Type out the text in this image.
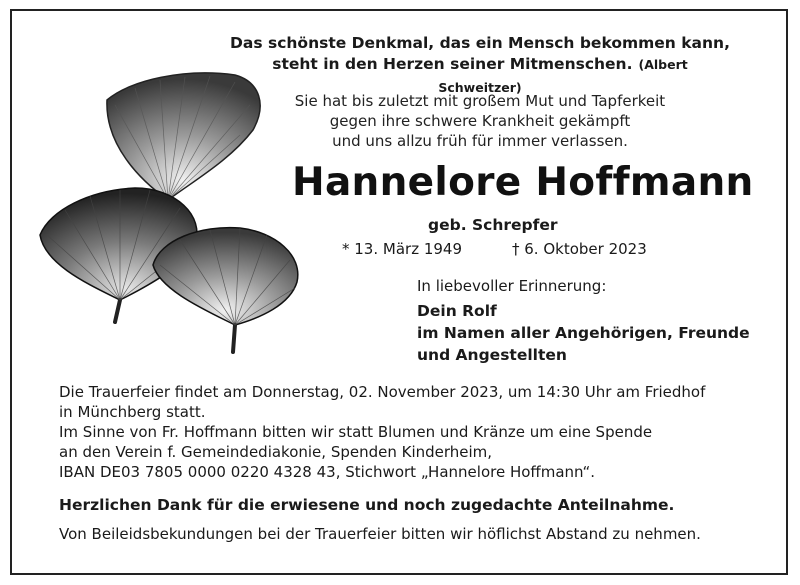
Das schönste Denkmal, das ein Mensch bekommen kann,
steht in den Herzen seiner Mitmenschen. (Albert Schweitzer)
Sie hat bis zuletzt mit großem Mut und Tapferkeit
gegen ihre schwere Krankheit gekämpft
und uns allzu früh für immer verlassen.
Hannelore Hoffmann
geb. Schrepfer
* 13. März 1949	† 6. Oktober 2023
In liebevoller Erinnerung:
Dein Rolf
im Namen aller Angehörigen, Freunde
und Angestellten
Die Trauerfeier findet am Donnerstag, 02. November 2023, um 14:30 Uhr am Friedhof
in Münchberg statt.
Im Sinne von Fr. Hoffmann bitten wir statt Blumen und Kränze um eine Spende
an den Verein f. Gemeindediakonie, Spenden Kinderheim,
IBAN DE03 7805 0000 0220 4328 43, Stichwort „Hannelore Hoffmann“.
Herzlichen Dank für die erwiesene und noch zugedachte Anteilnahme.
Von Beileidsbekundungen bei der Trauerfeier bitten wir höflichst Abstand zu nehmen.
